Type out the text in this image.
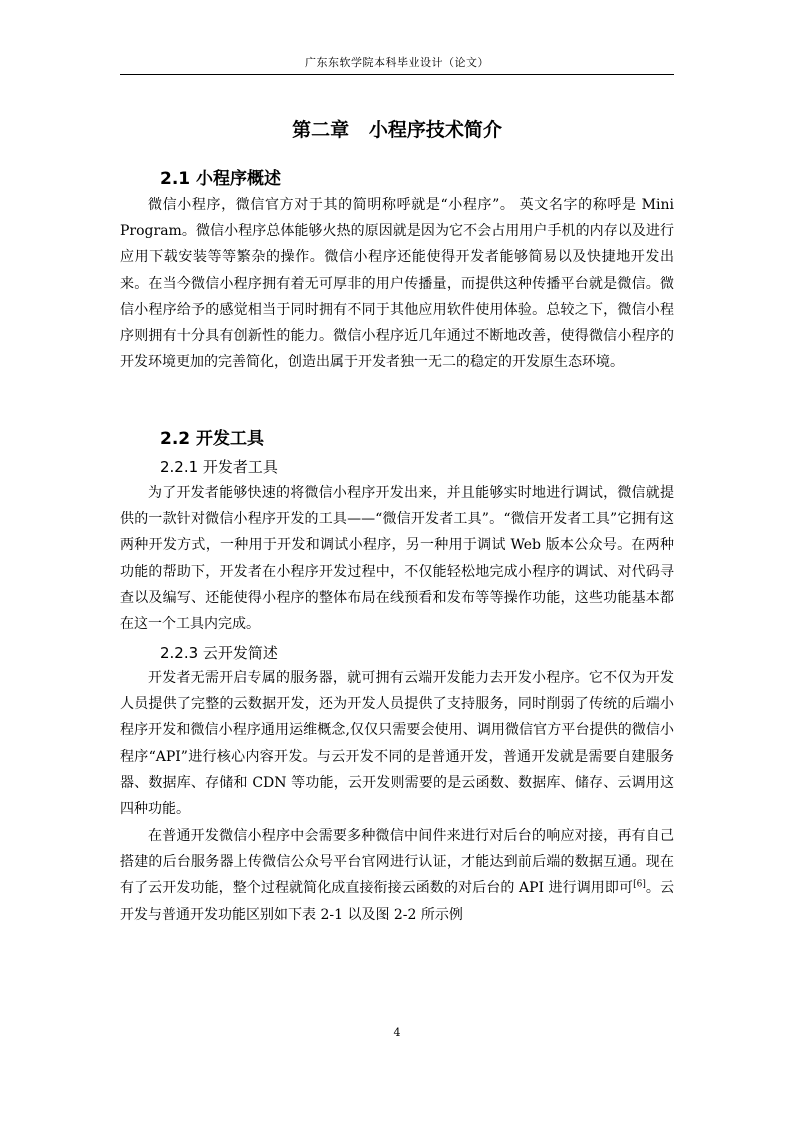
广东东软学院本科毕业设计（论文）
第二章   小程序技术简介
2.1 小程序概述

微信小程序，微信官方对于其的简明称呼就是“小程序”。 英文名字的称呼是 Mini Program。微信小程序总体能够火热的原因就是因为它不会占用用户手机的内存以及进行应用下载安装等等繁杂的操作。微信小程序还能使得开发者能够简易以及快捷地开发出来。在当今微信小程序拥有着无可厚非的用户传播量，而提供这种传播平台就是微信。微信小程序给予的感觉相当于同时拥有不同于其他应用软件使用体验。总较之下，微信小程序则拥有十分具有创新性的能力。微信小程序近几年通过不断地改善，使得微信小程序的开发环境更加的完善简化，创造出属于开发者独一无二的稳定的开发原生态环境。

2.2 开发工具
2.2.1 开发者工具

为了开发者能够快速的将微信小程序开发出来，并且能够实时地进行调试，微信就提供的一款针对微信小程序开发的工具——“微信开发者工具”。“微信开发者工具”它拥有这两种开发方式，一种用于开发和调试小程序，另一种用于调试 Web 版本公众号。在两种功能的帮助下，开发者在小程序开发过程中，不仅能轻松地完成小程序的调试、对代码寻查以及编写、还能使得小程序的整体布局在线预看和发布等等操作功能，这些功能基本都在这一个工具内完成。

2.2.3 云开发简述

开发者无需开启专属的服务器，就可拥有云端开发能力去开发小程序。它不仅为开发人员提供了完整的云数据开发，还为开发人员提供了支持服务，同时削弱了传统的后端小程序开发和微信小程序通用运维概念,仅仅只需要会使用、调用微信官方平台提供的微信小程序“API”进行核心内容开发。与云开发不同的是普通开发，普通开发就是需要自建服务器、数据库、存储和 CDN 等功能，云开发则需要的是云函数、数据库、储存、云调用这四种功能。

在普通开发微信小程序中会需要多种微信中间件来进行对后台的响应对接，再有自己搭建的后台服务器上传微信公众号平台官网进行认证，才能达到前后端的数据互通。现在有了云开发功能，整个过程就简化成直接衔接云函数的对后台的 API 进行调用即可[6]。云开发与普通开发功能区别如下表 2-1 以及图 2-2 所示例

4
